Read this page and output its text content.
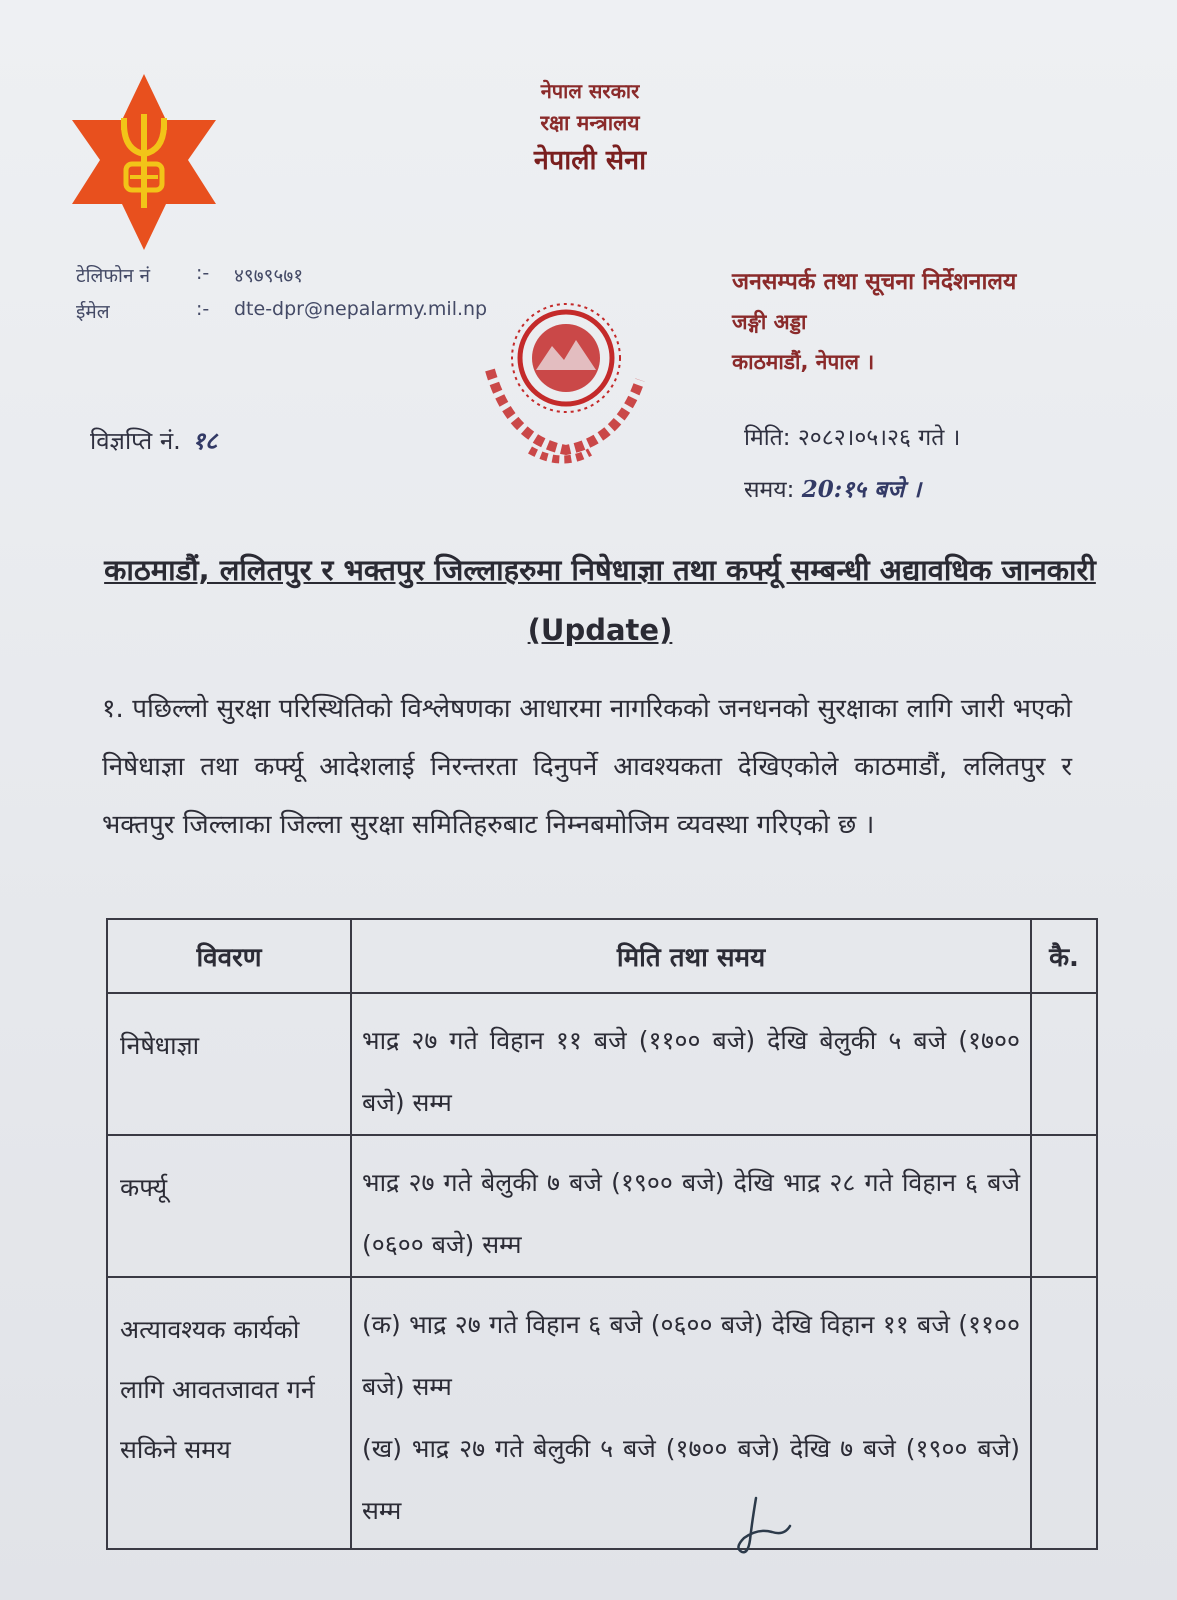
नेपाल सरकार
रक्षा मन्त्रालय
नेपाली सेना
टेलिफोन नं	:-	४९७९५७१
ईमेल	:-	dte-dpr@nepalarmy.mil.np
जनसम्पर्क तथा सूचना निर्देशनालय
जङ्गी अड्डा
काठमाडौं, नेपाल ।
विज्ञप्ति नं. १८	मिति: २०८२।०५।२६ गते ।
समय: 20:१५ बजे ।
काठमाडौं, ललितपुर र भक्तपुर जिल्लाहरुमा निषेधाज्ञा तथा कर्फ्यू सम्बन्धी अद्यावधिक जानकारी (Update)
१. पछिल्लो सुरक्षा परिस्थितिको विश्लेषणका आधारमा नागरिकको जनधनको सुरक्षाका लागि जारी भएको निषेधाज्ञा तथा कर्फ्यू आदेशलाई निरन्तरता दिनुपर्ने आवश्यकता देखिएकोले काठमाडौं, ललितपुर र भक्तपुर जिल्लाका जिल्ला सुरक्षा समितिहरुबाट निम्नबमोजिम व्यवस्था गरिएको छ ।
विवरण	मिति तथा समय	कै.
निषेधाज्ञा	भाद्र २७ गते विहान ११ बजे (११०० बजे) देखि बेलुकी ५ बजे (१७०० बजे) सम्म	
कर्फ्यू	भाद्र २७ गते बेलुकी ७ बजे (१९०० बजे) देखि भाद्र २८ गते विहान ६ बजे (०६०० बजे) सम्म	
अत्यावश्यक कार्यको लागि आवतजावत गर्न सकिने समय	(क) भाद्र २७ गते विहान ६ बजे (०६०० बजे) देखि विहान ११ बजे (११०० बजे) सम्म
(ख) भाद्र २७ गते बेलुकी ५ बजे (१७०० बजे) देखि ७ बजे (१९०० बजे) सम्म	
